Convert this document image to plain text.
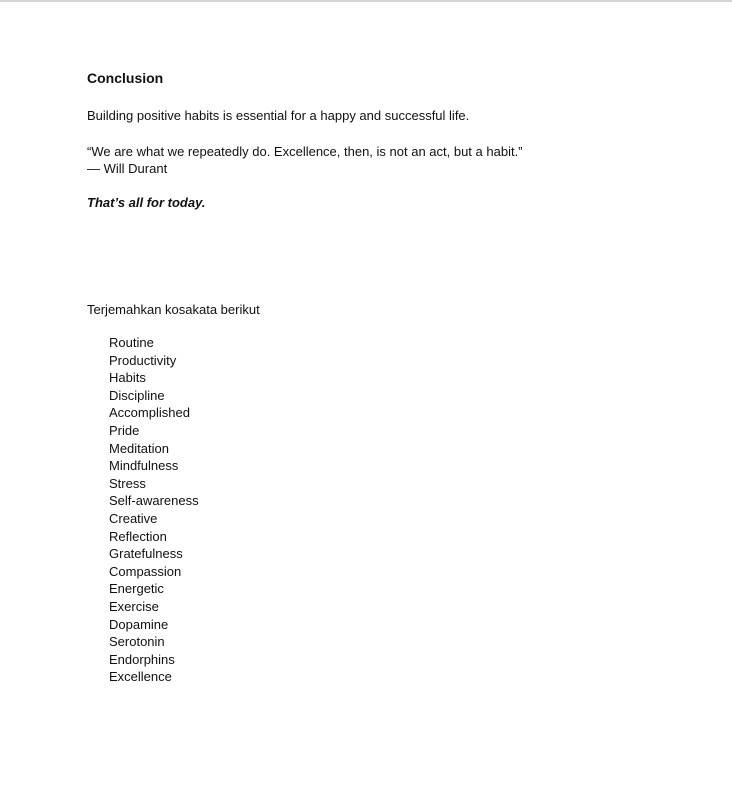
Conclusion
Building positive habits is essential for a happy and successful life.
“We are what we repeatedly do. Excellence, then, is not an act, but a habit.”
— Will Durant
That’s all for today.
Terjemahkan kosakata berikut
Routine
Productivity
Habits
Discipline
Accomplished
Pride
Meditation
Mindfulness
Stress
Self-awareness
Creative
Reflection
Gratefulness
Compassion
Energetic
Exercise
Dopamine
Serotonin
Endorphins
Excellence
